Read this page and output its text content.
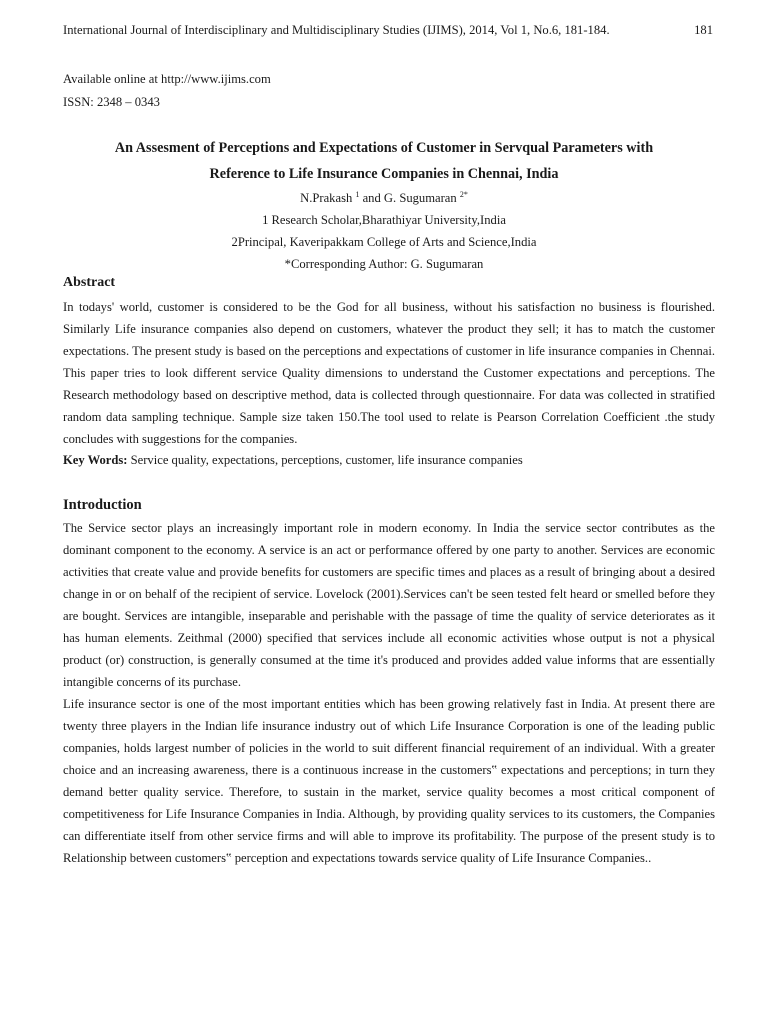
International Journal of Interdisciplinary and Multidisciplinary Studies (IJIMS), 2014, Vol 1, No.6, 181-184.	181
Available online at http://www.ijims.com
ISSN: 2348 – 0343
An Assesment of Perceptions and Expectations of Customer in Servqual Parameters with
Reference to Life Insurance Companies in Chennai, India
N.Prakash $^1$ and G. Sugumaran $^{2*}$
1 Research Scholar,Bharathiyar University,India
2Principal, Kaveripakkam College of Arts and Science,India
*Corresponding Author: G. Sugumaran
Abstract

In todays' world, customer is considered to be the God for all business, without his satisfaction no business is flourished. Similarly Life insurance companies also depend on customers, whatever the product they sell; it has to match the customer expectations. The present study is based on the perceptions and expectations of customer in life insurance companies in Chennai. This paper tries to look different service Quality dimensions to understand the Customer expectations and perceptions. The Research methodology based on descriptive method, data is collected through questionnaire. For data was collected in stratified random data sampling technique. Sample size taken 150.The tool used to relate is Pearson Correlation Coefficient .the study concludes with suggestions for the companies.

Key Words: Service quality, expectations, perceptions, customer, life insurance companies
Introduction

The Service sector plays an increasingly important role in modern economy. In India the service sector contributes as the dominant component to the economy. A service is an act or performance offered by one party to another. Services are economic activities that create value and provide benefits for customers are specific times and places as a result of bringing about a desired change in or on behalf of the recipient of service. Lovelock (2001).Services can't be seen tested felt heard or smelled before they are bought. Services are intangible, inseparable and perishable with the passage of time the quality of service deteriorates as it has human elements. Zeithmal (2000) specified that services include all economic activities whose output is not a physical product (or) construction, is generally consumed at the time it's produced and provides added value informs that are essentially intangible concerns of its purchase.

Life insurance sector is one of the most important entities which has been growing relatively fast in India. At present there are twenty three players in the Indian life insurance industry out of which Life Insurance Corporation is one of the leading public companies, holds largest number of policies in the world to suit different financial requirement of an individual. With a greater choice and an increasing awareness, there is a continuous increase in the customers‟ expectations and perceptions; in turn they demand better quality service. Therefore, to sustain in the market, service quality becomes a most critical component of competitiveness for Life Insurance Companies in India. Although, by providing quality services to its customers, the Companies can differentiate itself from other service firms and will able to improve its profitability. The purpose of the present study is to Relationship between customers‟ perception and expectations towards service quality of Life Insurance Companies..
